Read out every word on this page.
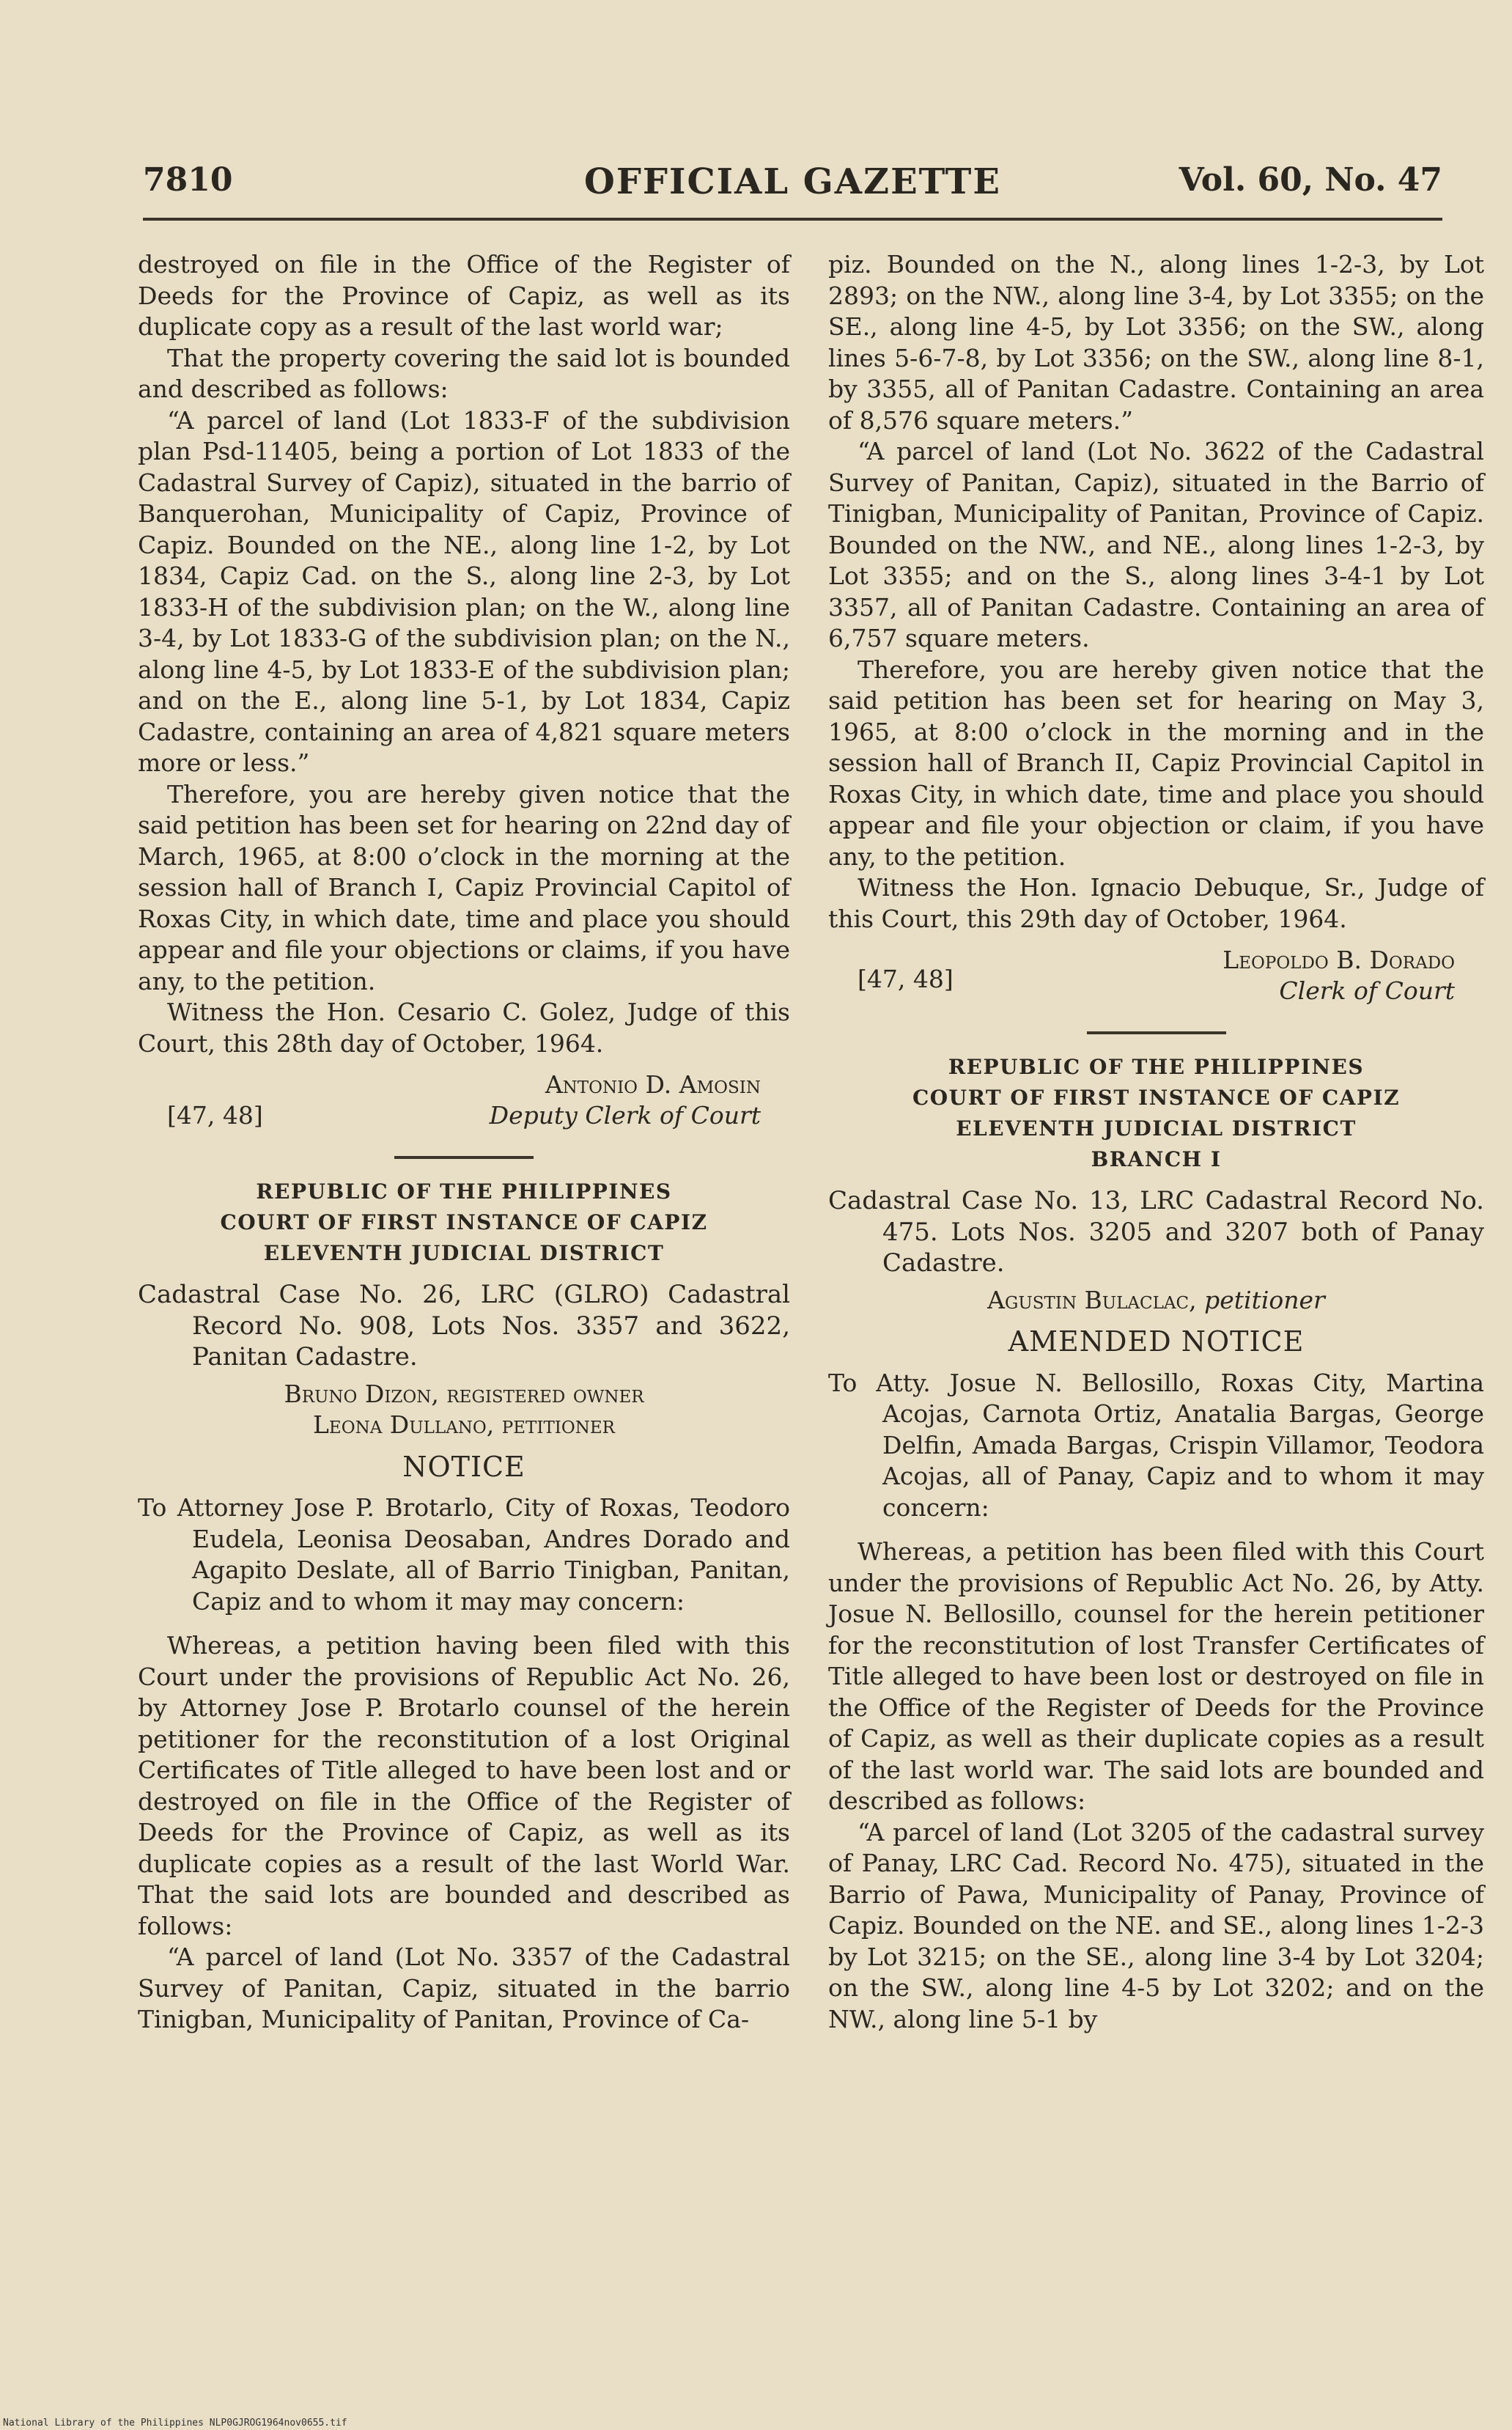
7810	OFFICIAL GAZETTE	Vol. 60, No. 47

destroyed on file in the Office of the Register of Deeds for the Province of Capiz, as well as its duplicate copy as a result of the last world war;

That the property covering the said lot is bounded and described as follows:

“A parcel of land (Lot 1833-F of the subdivision plan Psd-11405, being a portion of Lot 1833 of the Cadastral Survey of Capiz), situated in the barrio of Banquerohan, Municipality of Capiz, Province of Capiz. Bounded on the NE., along line 1-2, by Lot 1834, Capiz Cad. on the S., along line 2-3, by Lot 1833-H of the subdivision plan; on the W., along line 3-4, by Lot 1833-G of the subdivision plan; on the N., along line 4-5, by Lot 1833-E of the subdivision plan; and on the E., along line 5-1, by Lot 1834, Capiz Cadastre, containing an area of 4,821 square meters more or less.”

Therefore, you are hereby given notice that the said petition has been set for hearing on 22nd day of March, 1965, at 8:00 o’clock in the morning at the session hall of Branch I, Capiz Provincial Capitol of Roxas City, in which date, time and place you should appear and file your objections or claims, if you have any, to the petition.

Witness the Hon. Cesario C. Golez, Judge of this Court, this 28th day of October, 1964.

Antonio D. Amosin
[47, 48]	Deputy Clerk of Court
REPUBLIC OF THE PHILIPPINES
COURT OF FIRST INSTANCE OF CAPIZ
ELEVENTH JUDICIAL DISTRICT
Cadastral Case No. 26, LRC (GLRO) Cadastral Record No. 908, Lots Nos. 3357 and 3622, Panitan Cadastre.
Bruno Dizon, registered owner
Leona Dullano, petitioner
NOTICE
To Attorney Jose P. Brotarlo, City of Roxas, Teodoro Eudela, Leonisa Deosaban, Andres Dorado and Agapito Deslate, all of Barrio Tinigban, Panitan, Capiz and to whom it may may concern:

Whereas, a petition having been filed with this Court under the provisions of Republic Act No. 26, by Attorney Jose P. Brotarlo counsel of the herein petitioner for the reconstitution of a lost Original Certificates of Title alleged to have been lost and or destroyed on file in the Office of the Register of Deeds for the Province of Capiz, as well as its duplicate copies as a result of the last World War. That the said lots are bounded and described as follows:

“A parcel of land (Lot No. 3357 of the Cadastral Survey of Panitan, Capiz, situated in the barrio Tinigban, Municipality of Panitan, Province of Ca-

piz. Bounded on the N., along lines 1-2-3, by Lot 2893; on the NW., along line 3-4, by Lot 3355; on the SE., along line 4-5, by Lot 3356; on the SW., along lines 5-6-7-8, by Lot 3356; on the SW., along line 8-1, by 3355, all of Panitan Cadastre. Containing an area of 8,576 square meters.”

“A parcel of land (Lot No. 3622 of the Cadastral Survey of Panitan, Capiz), situated in the Barrio of Tinigban, Municipality of Panitan, Province of Capiz. Bounded on the NW., and NE., along lines 1-2-3, by Lot 3355; and on the S., along lines 3-4-1 by Lot 3357, all of Panitan Cadastre. Containing an area of 6,757 square meters.

Therefore, you are hereby given notice that the said petition has been set for hearing on May 3, 1965, at 8:00 o’clock in the morning and in the session hall of Branch II, Capiz Provincial Capitol in Roxas City, in which date, time and place you should appear and file your objection or claim, if you have any, to the petition.

Witness the Hon. Ignacio Debuque, Sr., Judge of this Court, this 29th day of October, 1964.

Leopoldo B. Dorado
[47, 48]	Clerk of Court
REPUBLIC OF THE PHILIPPINES
COURT OF FIRST INSTANCE OF CAPIZ
ELEVENTH JUDICIAL DISTRICT
BRANCH I
Cadastral Case No. 13, LRC Cadastral Record No. 475. Lots Nos. 3205 and 3207 both of Panay Cadastre.
Agustin Bulaclac, petitioner
AMENDED NOTICE
To Atty. Josue N. Bellosillo, Roxas City, Martina Acojas, Carnota Ortiz, Anatalia Bargas, George Delfin, Amada Bargas, Crispin Villamor, Teodora Acojas, all of Panay, Capiz and to whom it may concern:

Whereas, a petition has been filed with this Court under the provisions of Republic Act No. 26, by Atty. Josue N. Bellosillo, counsel for the herein petitioner for the reconstitution of lost Transfer Certificates of Title alleged to have been lost or destroyed on file in the Office of the Register of Deeds for the Province of Capiz, as well as their duplicate copies as a result of the last world war. The said lots are bounded and described as follows:

“A parcel of land (Lot 3205 of the cadastral survey of Panay, LRC Cad. Record No. 475), situated in the Barrio of Pawa, Municipality of Panay, Province of Capiz. Bounded on the NE. and SE., along lines 1-2-3 by Lot 3215; on the SE., along line 3-4 by Lot 3204; on the SW., along line 4-5 by Lot 3202; and on the NW., along line 5-1 by

National Library of the Philippines NLP0GJROG1964nov0655.tif
